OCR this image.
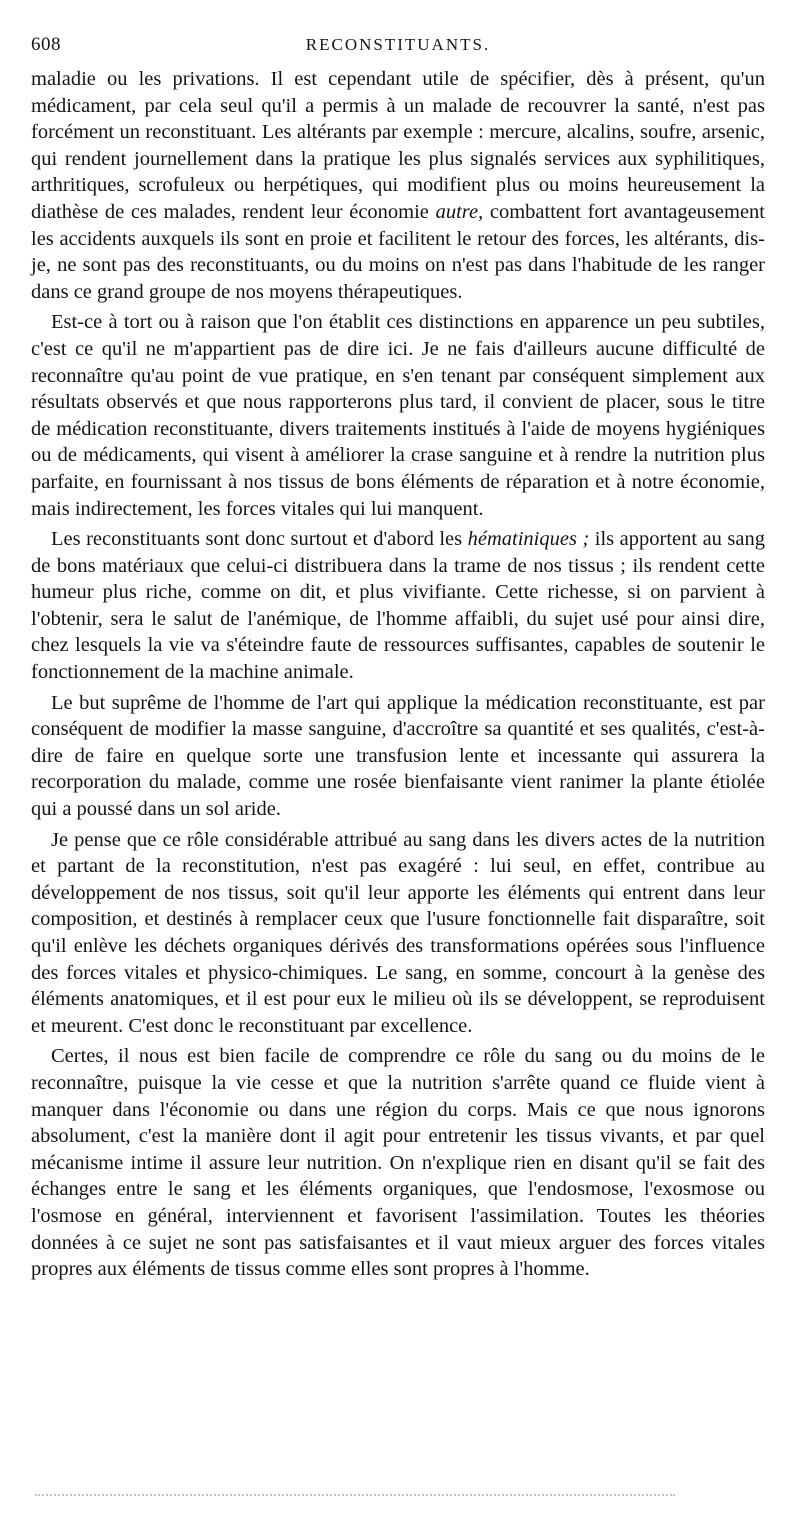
608	RECONSTITUANTS.

maladie ou les privations. Il est cependant utile de spécifier, dès à présent, qu'un médicament, par cela seul qu'il a permis à un malade de recouvrer la santé, n'est pas forcément un reconstituant. Les altérants par exemple : mercure, alcalins, soufre, arsenic, qui rendent journellement dans la pratique les plus signalés services aux syphilitiques, arthritiques, scrofuleux ou herpétiques, qui modifient plus ou moins heureusement la diathèse de ces malades, rendent leur économie autre, combattent fort avantageusement les accidents auxquels ils sont en proie et facilitent le retour des forces, les altérants, dis-je, ne sont pas des reconstituants, ou du moins on n'est pas dans l'habitude de les ranger dans ce grand groupe de nos moyens thérapeutiques.

Est-ce à tort ou à raison que l'on établit ces distinctions en apparence un peu subtiles, c'est ce qu'il ne m'appartient pas de dire ici. Je ne fais d'ailleurs aucune difficulté de reconnaître qu'au point de vue pratique, en s'en tenant par conséquent simplement aux résultats observés et que nous rapporterons plus tard, il convient de placer, sous le titre de médication reconstituante, divers traitements institués à l'aide de moyens hygiéniques ou de médicaments, qui visent à améliorer la crase sanguine et à rendre la nutrition plus parfaite, en fournissant à nos tissus de bons éléments de réparation et à notre économie, mais indirectement, les forces vitales qui lui manquent.

Les reconstituants sont donc surtout et d'abord les hématiniques ; ils apportent au sang de bons matériaux que celui-ci distribuera dans la trame de nos tissus ; ils rendent cette humeur plus riche, comme on dit, et plus vivifiante. Cette richesse, si on parvient à l'obtenir, sera le salut de l'anémique, de l'homme affaibli, du sujet usé pour ainsi dire, chez lesquels la vie va s'éteindre faute de ressources suffisantes, capables de soutenir le fonctionnement de la machine animale.

Le but suprême de l'homme de l'art qui applique la médication reconstituante, est par conséquent de modifier la masse sanguine, d'accroître sa quantité et ses qualités, c'est-à-dire de faire en quelque sorte une transfusion lente et incessante qui assurera la recorporation du malade, comme une rosée bienfaisante vient ranimer la plante étiolée qui a poussé dans un sol aride.

Je pense que ce rôle considérable attribué au sang dans les divers actes de la nutrition et partant de la reconstitution, n'est pas exagéré : lui seul, en effet, contribue au développement de nos tissus, soit qu'il leur apporte les éléments qui entrent dans leur composition, et destinés à remplacer ceux que l'usure fonctionnelle fait disparaître, soit qu'il enlève les déchets organiques dérivés des transformations opérées sous l'influence des forces vitales et physico-chimiques. Le sang, en somme, concourt à la genèse des éléments anatomiques, et il est pour eux le milieu où ils se développent, se reproduisent et meurent. C'est donc le reconstituant par excellence.

Certes, il nous est bien facile de comprendre ce rôle du sang ou du moins de le reconnaître, puisque la vie cesse et que la nutrition s'arrête quand ce fluide vient à manquer dans l'économie ou dans une région du corps. Mais ce que nous ignorons absolument, c'est la manière dont il agit pour entretenir les tissus vivants, et par quel mécanisme intime il assure leur nutrition. On n'explique rien en disant qu'il se fait des échanges entre le sang et les éléments organiques, que l'endosmose, l'exosmose ou l'osmose en général, interviennent et favorisent l'assimilation. Toutes les théories données à ce sujet ne sont pas satisfaisantes et il vaut mieux arguer des forces vitales propres aux éléments de tissus comme elles sont propres à l'homme.
